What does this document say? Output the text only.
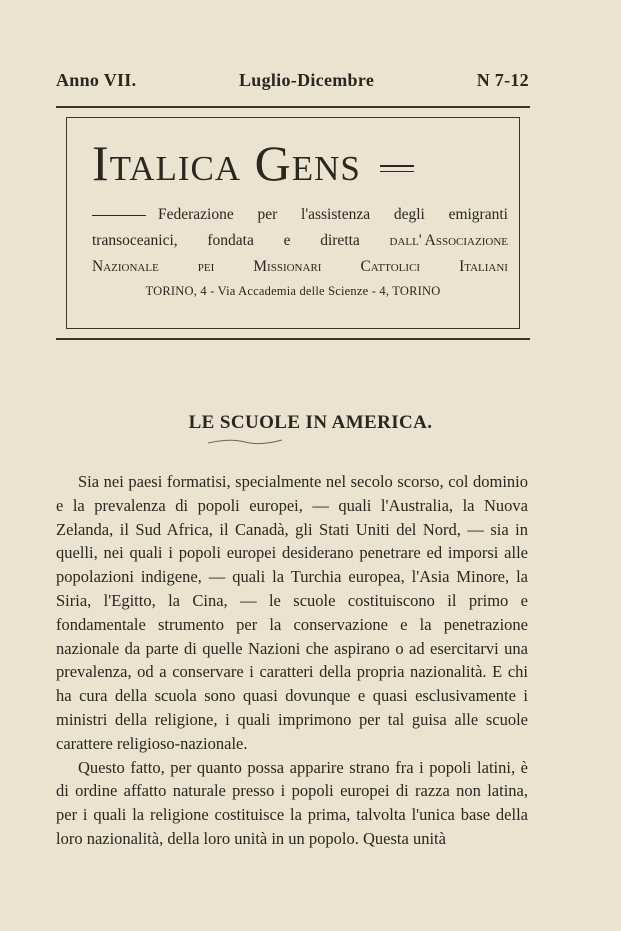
Anno VII.	Luglio-Dicembre	N 7-12
Italica Gens
Federazione per l'assistenza degli emigranti
transoceanici, fondata e diretta dall' Associazione
Nazionale	pei	Missionari	Cattolici	Italiani
TORINO, 4 - Via Accademia delle Scienze - 4, TORINO
LE SCUOLE IN AMERICA.

Sia nei paesi formatisi, specialmente nel secolo scorso, col dominio e la prevalenza di popoli europei, — quali l'Australia, la Nuova Zelanda, il Sud Africa, il Canadà, gli Stati Uniti del Nord, — sia in quelli, nei quali i popoli europei desiderano penetrare ed imporsi alle popolazioni indigene, — quali la Turchia europea, l'Asia Minore, la Siria, l'Egitto, la Cina, — le scuole costituiscono il primo e fondamentale strumento per la conservazione e la penetrazione nazionale da parte di quelle Nazioni che aspirano o ad esercitarvi una prevalenza, od a conservare i caratteri della propria nazionalità. E chi ha cura della scuola sono quasi dovunque e quasi esclusivamente i ministri della religione, i quali imprimono per tal guisa alle scuole carattere religioso-nazionale.

Questo fatto, per quanto possa apparire strano fra i popoli latini, è di ordine affatto naturale presso i popoli europei di razza non latina, per i quali la religione costituisce la prima, talvolta l'unica base della loro nazionalità, della loro unità in un popolo. Questa unità
